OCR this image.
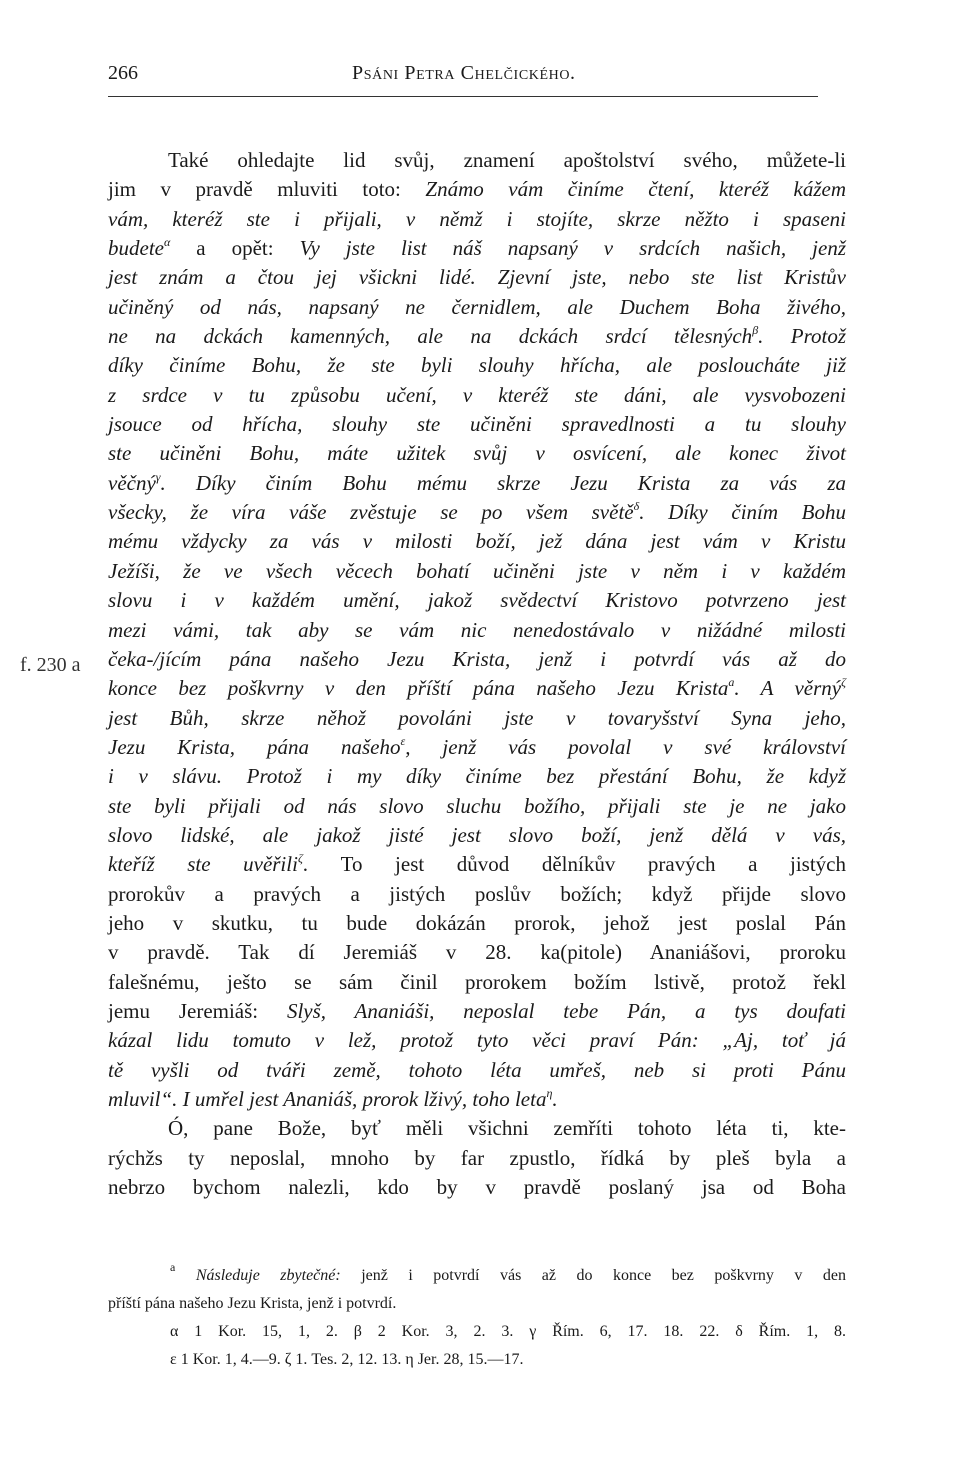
266	Psáni Petra Chelčického.
f. 230 a
Také ohledajte lid svůj, znamení apoštolství svého, můžete-li
jim v pravdě mluviti toto: Známo vám činíme čtení, kteréž kážem
vám, kteréž ste i přijali, v němž i stojíte, skrze něžto i spaseni
budete$^\alpha$ a opět: Vy jste list náš napsaný v srdcích našich, jenž
jest znám a čtou jej všickni lidé. Zjevní jste, nebo ste list Kristův
učiněný od nás, napsaný ne černidlem, ale Duchem Boha živého,
ne na dckách kamenných, ale na dckách srdcí tělesných$^\beta$. Protož
díky činíme Bohu, že ste byli slouhy hřícha, ale posloucháte již
z srdce v tu způsobu učení, v kteréž ste dáni, ale vysvobozeni
jsouce od hřícha, slouhy ste učiněni spravedlnosti a tu slouhy
ste učiněni Bohu, máte užitek svůj v osvícení, ale konec život
věčný$^\gamma$. Díky činím Bohu mému skrze Jezu Krista za vás za
všecky, že víra váše zvěstuje se po všem světě$^\delta$. Díky činím Bohu
mému vždycky za vás v milosti boží, jež dána jest vám v Kristu
Ježíši, že ve všech věcech bohatí učiněni jste v něm i v každém
slovu i v každém umění, jakož svědectví Kristovo potvrzeno jest
mezi vámi, tak aby se vám nic nenedostávalo v nižádné milosti
čeka-/jícím pána našeho Jezu Krista, jenž i potvrdí vás až do
konce bez poškvrny v den příští pána našeho Jezu Krista$^a$. A věrný$^\zeta$
jest Bůh, skrze něhož povoláni jste v tovaryšství Syna jeho,
Jezu Krista, pána našeho$^\varepsilon$, jenž vás povolal v své království
i v slávu. Protož i my díky činíme bez přestání Bohu, že když
ste byli přijali od nás slovo sluchu božího, přijali ste je ne jako
slovo lidské, ale jakož jisté jest slovo boží, jenž dělá v vás,
kteříž ste uvěřili$^\zeta$. To jest důvod dělníkův pravých a jistých
prorokův a pravých a jistých poslův božích; když přijde slovo
jeho v skutku, tu bude dokázán prorok, jehož jest poslal Pán
v pravdě. Tak dí Jeremiáš v 28. ka(pitole) Ananiášovi, proroku
falešnému, ješto se sám činil prorokem božím lstivě, protož řekl
jemu Jeremiáš: Slyš, Ananiáši, neposlal tebe Pán, a tys doufati
kázal lidu tomuto v lež, protož tyto věci praví Pán: „Aj, toť já
tě vyšli od tváři země, tohoto léta umřeš, neb si proti Pánu
mluvil“. I umřel jest Ananiáš, prorok lživý, toho leta$^\eta$.
Ó, pane Bože, byť měli všichni zemříti tohoto léta ti, kte-
rýchžs ty neposlal, mnoho by far zpustlo, řídká by pleš byla a
nebrzo bychom nalezli, kdo by v pravdě poslaný jsa od Boha
$^a$ Následuje zbytečné: jenž i potvrdí vás až do konce bez poškvrny v den
příští pána našeho Jezu Krista, jenž i potvrdí.
α 1 Kor. 15, 1, 2. β 2 Kor. 3, 2. 3. γ Řím. 6, 17. 18. 22. δ Řím. 1, 8.
ε 1 Kor. 1, 4.—9. ζ 1. Tes. 2, 12. 13. η Jer. 28, 15.—17.
